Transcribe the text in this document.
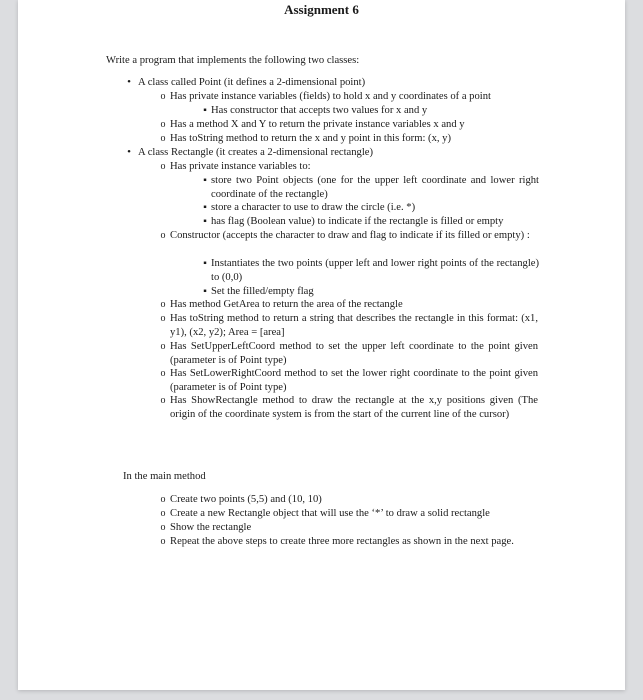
Assignment 6
Write a program that implements the following two classes:
• A class called Point (it defines a 2-dimensional point)
o Has private instance variables (fields) to hold x and y coordinates of a point
▪ Has constructor that accepts two values for x and y
o Has a method X and Y to return the private instance variables x and y
o Has toString method to return the x and y point in this form: (x, y)
• A class Rectangle (it creates a 2-dimensional rectangle)
o Has private instance variables to:
▪ store two Point objects (one for the upper left coordinate and lower right coordinate of the rectangle)
▪ store a character to use to draw the circle (i.e. *)
▪ has flag (Boolean value) to indicate if the rectangle is filled or empty
o Constructor (accepts the character to draw and flag to indicate if its filled or empty) :
▪ Instantiates the two points (upper left and lower right points of the rectangle) to (0,0)
▪ Set the filled/empty flag
o Has method GetArea to return the area of the rectangle
o Has toString method to return a string that describes the rectangle in this format: (x1, y1), (x2, y2); Area = [area]
o Has SetUpperLeftCoord method to set the upper left coordinate to the point given (parameter is of Point type)
o Has SetLowerRightCoord method to set the lower right coordinate to the point given (parameter is of Point type)
o Has ShowRectangle method to draw the rectangle at the x,y positions given (The origin of the coordinate system is from the start of the current line of the cursor)
In the main method
o Create two points (5,5) and (10, 10)
o Create a new Rectangle object that will use the ‘*’ to draw a solid rectangle
o Show the rectangle
o Repeat the above steps to create three more rectangles as shown in the next page.
